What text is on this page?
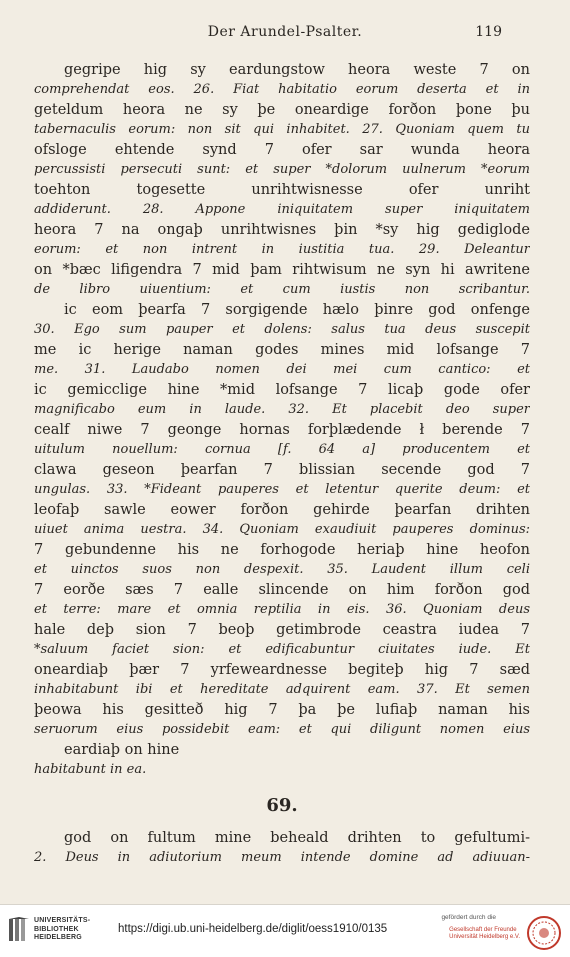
Der Arundel-Psalter.	119
gegripe hig sy eardungstow heora weste 7 on
comprehendat eos. 26. Fiat habitatio eorum deserta et in
geteldum heora ne sy þe oneardige forðon þone þu
tabernaculis eorum: non sit qui inhabitet. 27. Quoniam quem tu
ofsloge ehtende synd 7 ofer sar wunda heora
percussisti persecuti sunt: et super *dolorum uulnerum *eorum
toehton togesette unrihtwisnesse ofer unriht
addiderunt. 28. Appone iniquitatem super iniquitatem
heora 7 na ongaþ unrihtwisnes þin *sy hig gediglode
eorum: et non intrent in iustitia tua. 29. Deleantur
on *bæc lifigendra 7 mid þam rihtwisum ne syn hi awritene
de libro uiuentium: et cum iustis non scribantur.
ic eom þearfa 7 sorgigende hælo þinre god onfenge
30. Ego sum pauper et dolens: salus tua deus suscepit
me ic herige naman godes mines mid lofsange 7
me. 31. Laudabo nomen dei mei cum cantico: et
ic gemicclige hine *mid lofsange 7 licaþ gode ofer
magnificabo eum in laude. 32. Et placebit deo super
cealf niwe 7 geonge hornas forþlædende ł berende 7
uitulum nouellum: cornua [f. 64 a] producentem et
clawa geseon þearfan 7 blissian secende god 7
ungulas. 33. *Fideant pauperes et letentur querite deum: et
leofaþ sawle eower forðon gehirde þearfan drihten
uiuet anima uestra. 34. Quoniam exaudiuit pauperes dominus:
7 gebundenne his ne forhogode heriaþ hine heofon
et uinctos suos non despexit. 35. Laudent illum celi
7 eorðe sæs 7 ealle slincende on him forðon god
et terre: mare et omnia reptilia in eis. 36. Quoniam deus
hale deþ sion 7 beoþ getimbrode ceastra iudea 7
*saluum faciet sion: et edificabuntur ciuitates iude. Et
oneardiaþ þær 7 yrfeweardnesse begiteþ hig 7 sæd
inhabitabunt ibi et hereditate adquirent eam. 37. Et semen
þeowa his gesitteð hig 7 þa þe lufiaþ naman his
seruorum eius possidebit eam: et qui diligunt nomen eius
eardiaþ on hine
habitabunt in ea.
69.
god on fultum mine beheald drihten to gefultumi-
2. Deus in adiutorium meum intende domine ad adiuuan-
UNIVERSITÄTS-
BIBLIOTHEK
HEIDELBERG
https://digi.ub.uni-heidelberg.de/diglit/oess1910/0135
gefördert durch die
Gesellschaft der Freunde
Universität Heidelberg e.V.
